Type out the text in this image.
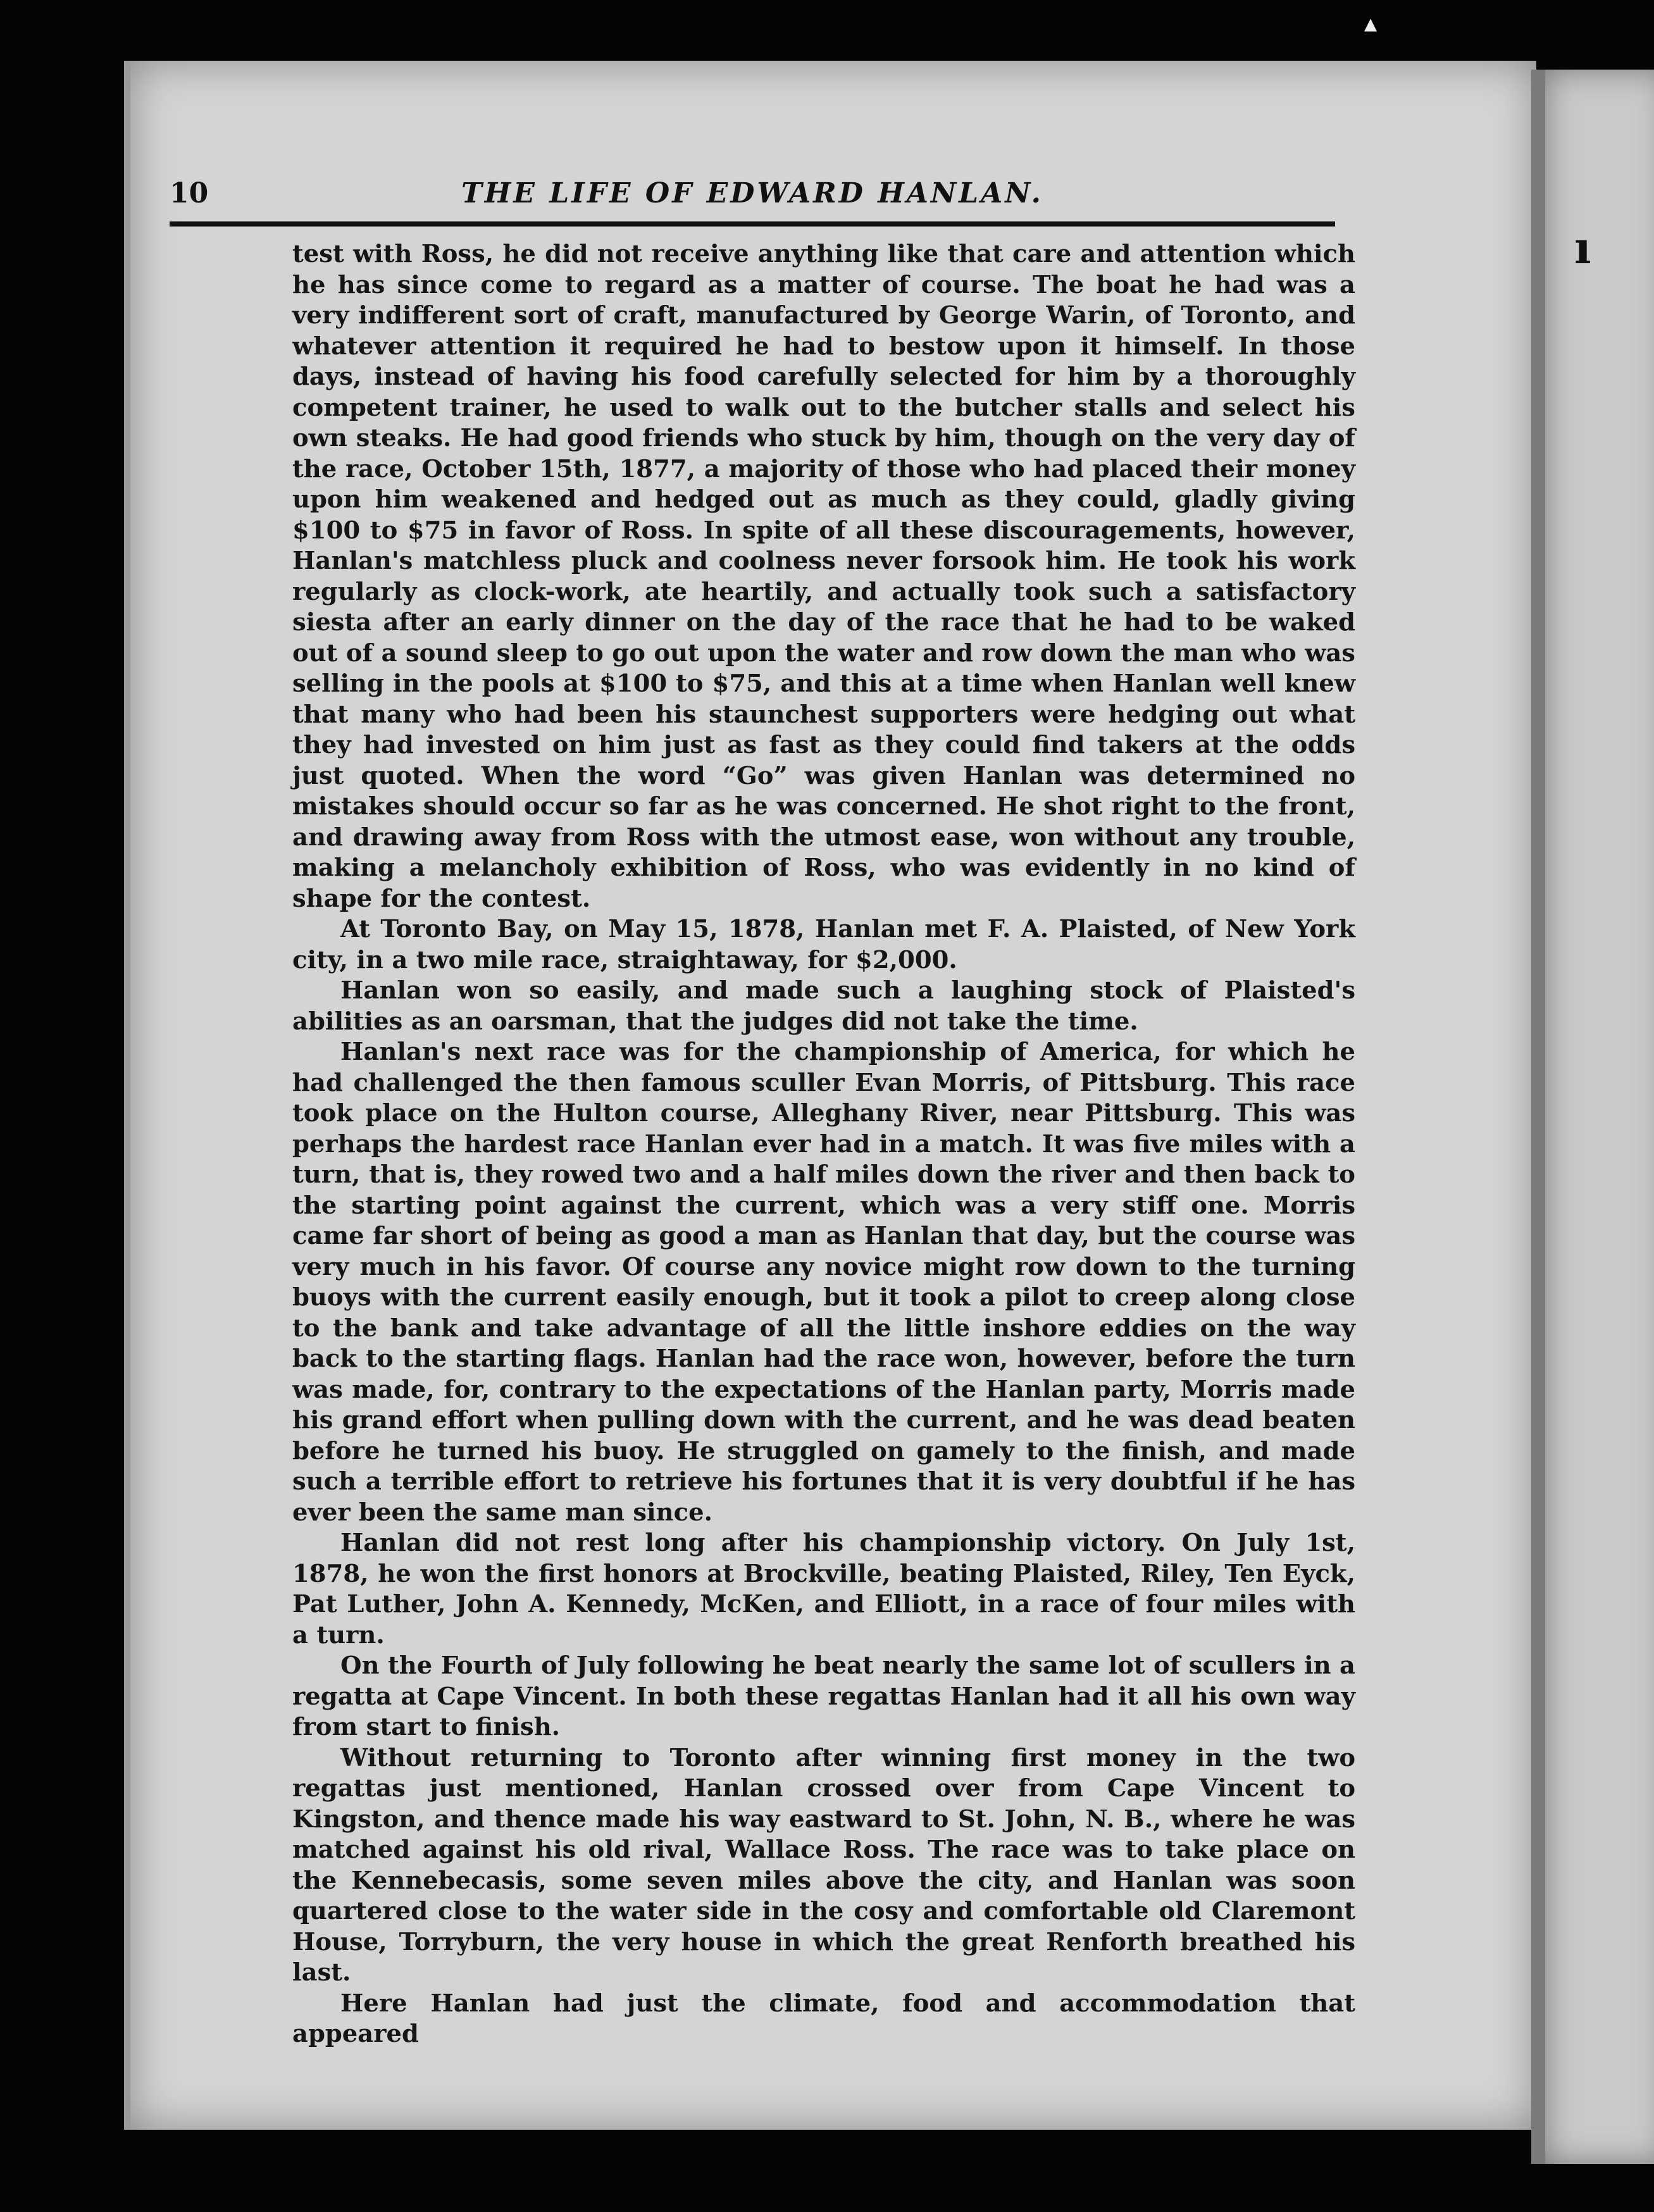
▴
ı
10	THE LIFE OF EDWARD HANLAN.

test with Ross, he did not receive anything like that care and attention which he has since come to regard as a matter of course. The boat he had was a very indifferent sort of craft, manufactured by George Warin, of Toronto, and whatever attention it required he had to bestow upon it himself. In those days, instead of having his food carefully selected for him by a thoroughly competent trainer, he used to walk out to the butcher stalls and select his own steaks. He had good friends who stuck by him, though on the very day of the race, October 15th, 1877, a majority of those who had placed their money upon him weakened and hedged out as much as they could, gladly giving $100 to $75 in favor of Ross. In spite of all these discouragements, however, Hanlan's matchless pluck and coolness never forsook him. He took his work regularly as clock-work, ate heartily, and actually took such a satisfactory siesta after an early dinner on the day of the race that he had to be waked out of a sound sleep to go out upon the water and row down the man who was selling in the pools at $100 to $75, and this at a time when Hanlan well knew that many who had been his staunchest supporters were hedging out what they had invested on him just as fast as they could find takers at the odds just quoted. When the word “Go” was given Hanlan was determined no mistakes should occur so far as he was concerned. He shot right to the front, and drawing away from Ross with the utmost ease, won without any trouble, making a melancholy exhibition of Ross, who was evidently in no kind of shape for the contest.

At Toronto Bay, on May 15, 1878, Hanlan met F. A. Plaisted, of New York city, in a two mile race, straightaway, for $2,000.

Hanlan won so easily, and made such a laughing stock of Plaisted's abilities as an oarsman, that the judges did not take the time.

Hanlan's next race was for the championship of America, for which he had challenged the then famous sculler Evan Morris, of Pittsburg. This race took place on the Hulton course, Alleghany River, near Pittsburg. This was perhaps the hardest race Hanlan ever had in a match. It was five miles with a turn, that is, they rowed two and a half miles down the river and then back to the starting point against the current, which was a very stiff one. Morris came far short of being as good a man as Hanlan that day, but the course was very much in his favor. Of course any novice might row down to the turning buoys with the current easily enough, but it took a pilot to creep along close to the bank and take advantage of all the little inshore eddies on the way back to the starting flags. Hanlan had the race won, however, before the turn was made, for, contrary to the expectations of the Hanlan party, Morris made his grand effort when pulling down with the current, and he was dead beaten before he turned his buoy. He struggled on gamely to the finish, and made such a terrible effort to retrieve his fortunes that it is very doubtful if he has ever been the same man since.

Hanlan did not rest long after his championship victory. On July 1st, 1878, he won the first honors at Brockville, beating Plaisted, Riley, Ten Eyck, Pat Luther, John A. Kennedy, McKen, and Elliott, in a race of four miles with a turn.

On the Fourth of July following he beat nearly the same lot of scullers in a regatta at Cape Vincent. In both these regattas Hanlan had it all his own way from start to finish.

Without returning to Toronto after winning first money in the two regattas just mentioned, Hanlan crossed over from Cape Vincent to Kingston, and thence made his way eastward to St. John, N. B., where he was matched against his old rival, Wallace Ross. The race was to take place on the Kennebecasis, some seven miles above the city, and Hanlan was soon quartered close to the water side in the cosy and comfortable old Claremont House, Torryburn, the very house in which the great Renforth breathed his last.

Here Hanlan had just the climate, food and accommodation that appeared
